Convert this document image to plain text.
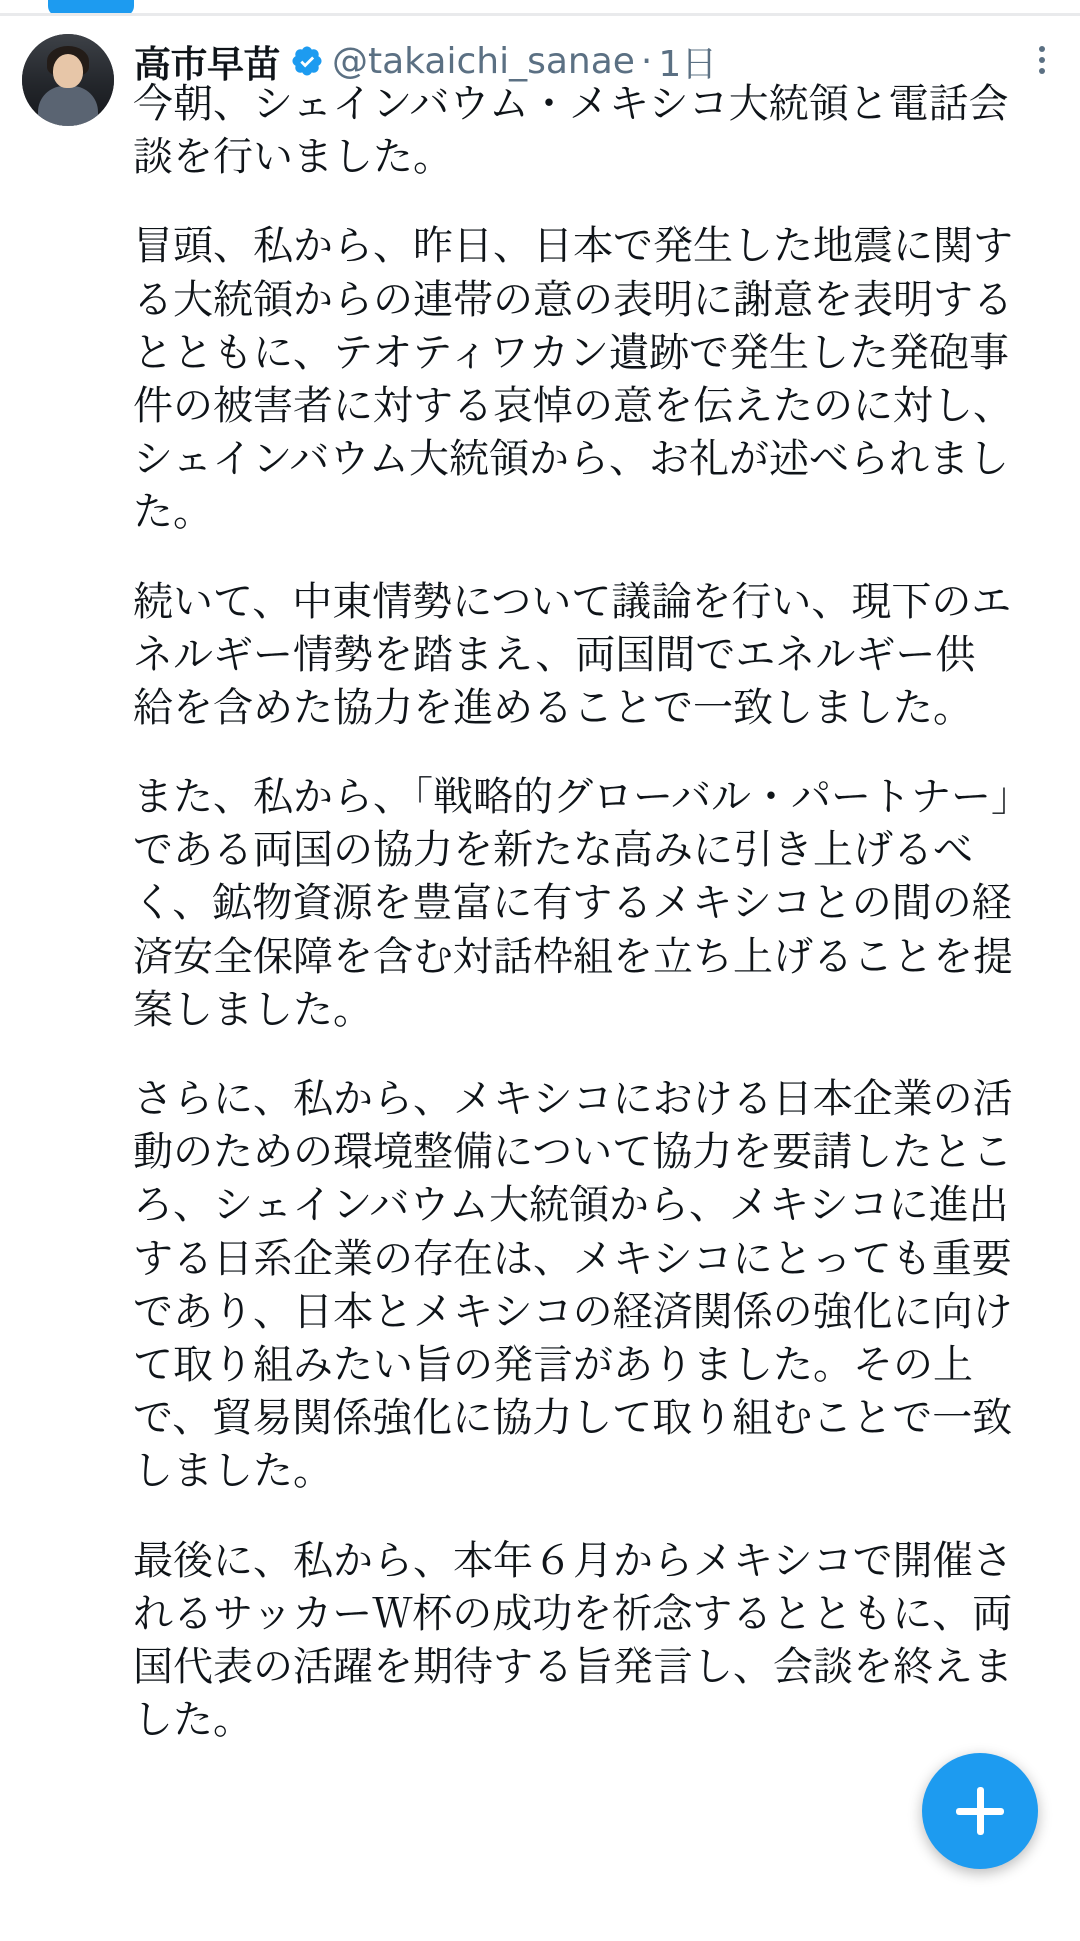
高市早苗 @takaichi_sanae · 1日

今朝、シェインバウム・メキシコ大統領と電話会談を行いました。

冒頭、私から、昨日、日本で発生した地震に関する大統領からの連帯の意の表明に謝意を表明するとともに、テオティワカン遺跡で発生した発砲事件の被害者に対する哀悼の意を伝えたのに対し、シェインバウム大統領から、お礼が述べられました。

続いて、中東情勢について議論を行い、現下のエネルギー情勢を踏まえ、両国間でエネルギー供給を含めた協力を進めることで一致しました。

また、私から、「戦略的グローバル・パートナー」である両国の協力を新たな高みに引き上げるべく、鉱物資源を豊富に有するメキシコとの間の経済安全保障を含む対話枠組を立ち上げることを提案しました。

さらに、私から、メキシコにおける日本企業の活動のための環境整備について協力を要請したところ、シェインバウム大統領から、メキシコに進出する日系企業の存在は、メキシコにとっても重要であり、日本とメキシコの経済関係の強化に向けて取り組みたい旨の発言がありました。その上で、貿易関係強化に協力して取り組むことで一致しました。

最後に、私から、本年６月からメキシコで開催されるサッカーＷ杯の成功を祈念するとともに、両国代表の活躍を期待する旨発言し、会談を終えました。
